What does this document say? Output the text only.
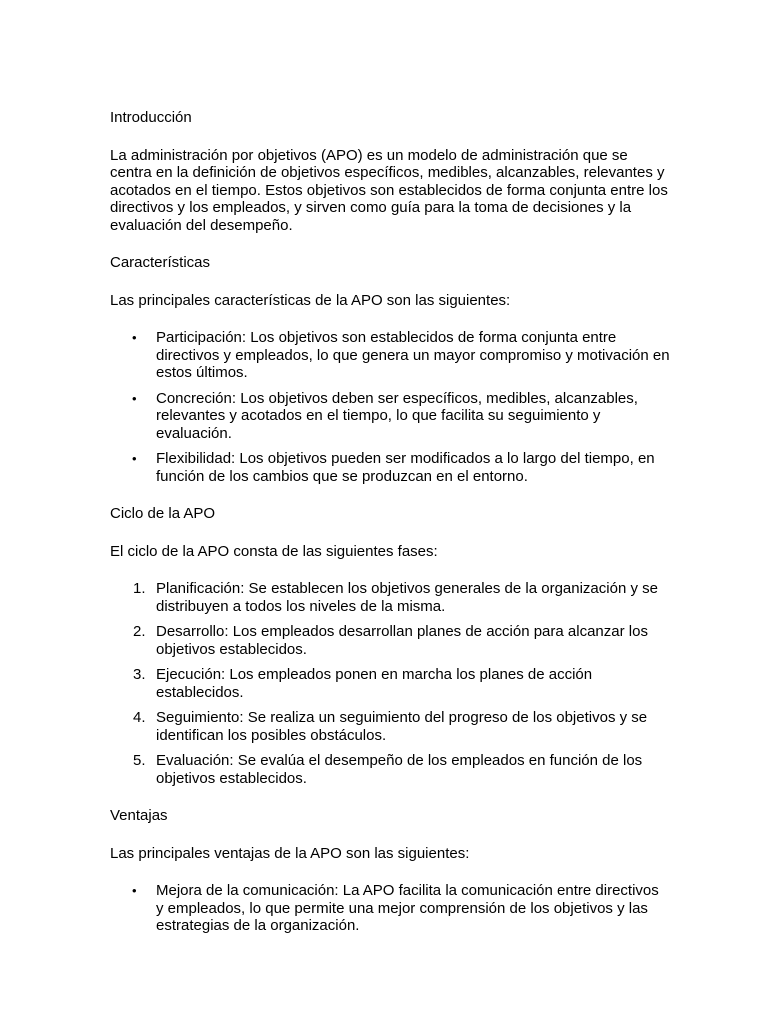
Introducción

La administración por objetivos (APO) es un modelo de administración que se centra en la definición de objetivos específicos, medibles, alcanzables, relevantes y acotados en el tiempo. Estos objetivos son establecidos de forma conjunta entre los directivos y los empleados, y sirven como guía para la toma de decisiones y la evaluación del desempeño.

Características

Las principales características de la APO son las siguientes:

• Participación: Los objetivos son establecidos de forma conjunta entre directivos y empleados, lo que genera un mayor compromiso y motivación en estos últimos.
• Concreción: Los objetivos deben ser específicos, medibles, alcanzables, relevantes y acotados en el tiempo, lo que facilita su seguimiento y evaluación.
• Flexibilidad: Los objetivos pueden ser modificados a lo largo del tiempo, en función de los cambios que se produzcan en el entorno.

Ciclo de la APO

El ciclo de la APO consta de las siguientes fases:

1. Planificación: Se establecen los objetivos generales de la organización y se distribuyen a todos los niveles de la misma.
2. Desarrollo: Los empleados desarrollan planes de acción para alcanzar los objetivos establecidos.
3. Ejecución: Los empleados ponen en marcha los planes de acción establecidos.
4. Seguimiento: Se realiza un seguimiento del progreso de los objetivos y se identifican los posibles obstáculos.
5. Evaluación: Se evalúa el desempeño de los empleados en función de los objetivos establecidos.

Ventajas

Las principales ventajas de la APO son las siguientes:

• Mejora de la comunicación: La APO facilita la comunicación entre directivos y empleados, lo que permite una mejor comprensión de los objetivos y las estrategias de la organización.
